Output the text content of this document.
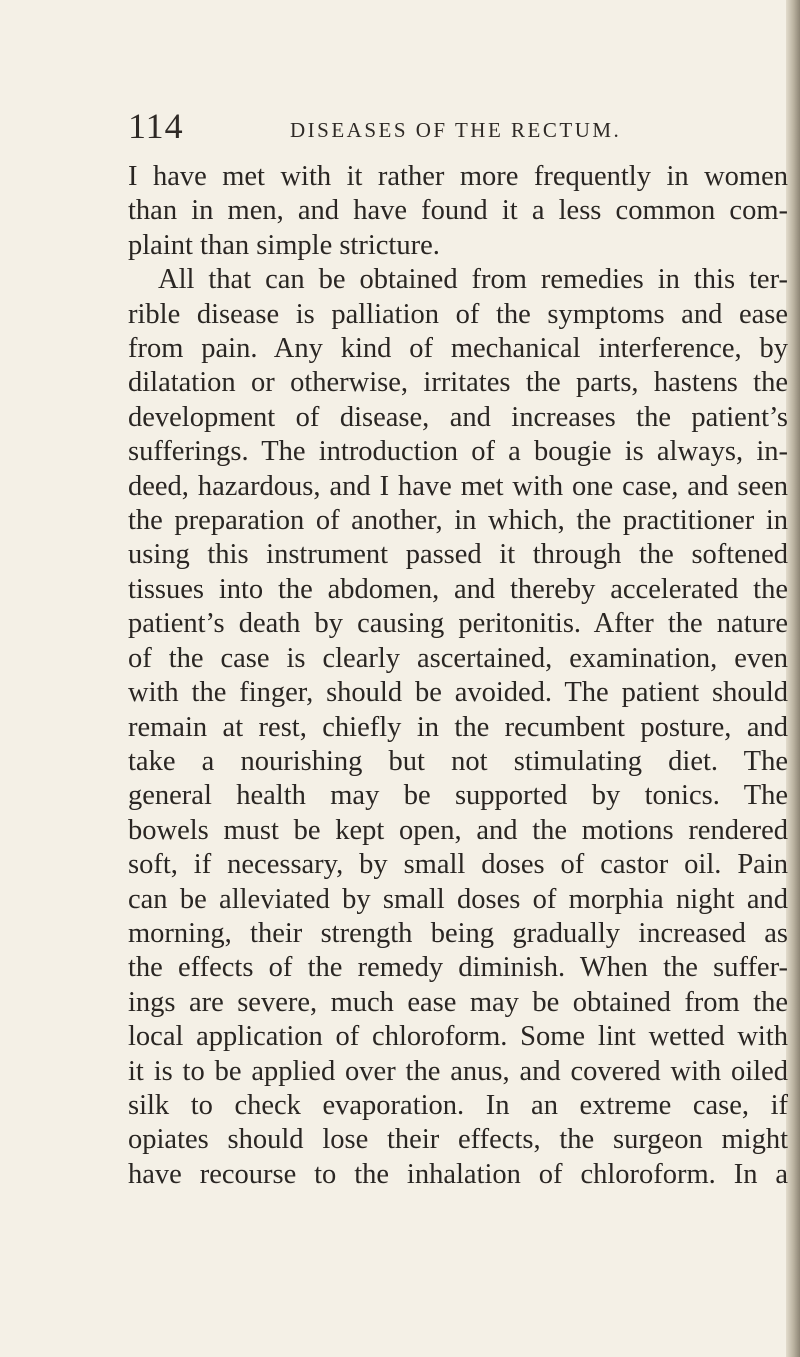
114	DISEASES OF THE RECTUM.
I have met with it rather more frequently in women
than in men, and have found it a less common com-
plaint than simple stricture.
All that can be obtained from remedies in this ter-
rible disease is palliation of the symptoms and ease
from pain. Any kind of mechanical interference, by
dilatation or otherwise, irritates the parts, hastens the
development of disease, and increases the patient’s
sufferings. The introduction of a bougie is always, in-
deed, hazardous, and I have met with one case, and seen
the preparation of another, in which, the practitioner in
using this instrument passed it through the softened
tissues into the abdomen, and thereby accelerated the
patient’s death by causing peritonitis. After the nature
of the case is clearly ascertained, examination, even
with the finger, should be avoided. The patient should
remain at rest, chiefly in the recumbent posture, and
take a nourishing but not stimulating diet. The
general health may be supported by tonics. The
bowels must be kept open, and the motions rendered
soft, if necessary, by small doses of castor oil. Pain
can be alleviated by small doses of morphia night and
morning, their strength being gradually increased as
the effects of the remedy diminish. When the suffer-
ings are severe, much ease may be obtained from the
local application of chloroform. Some lint wetted with
it is to be applied over the anus, and covered with oiled
silk to check evaporation. In an extreme case, if
opiates should lose their effects, the surgeon might
have recourse to the inhalation of chloroform. In a
